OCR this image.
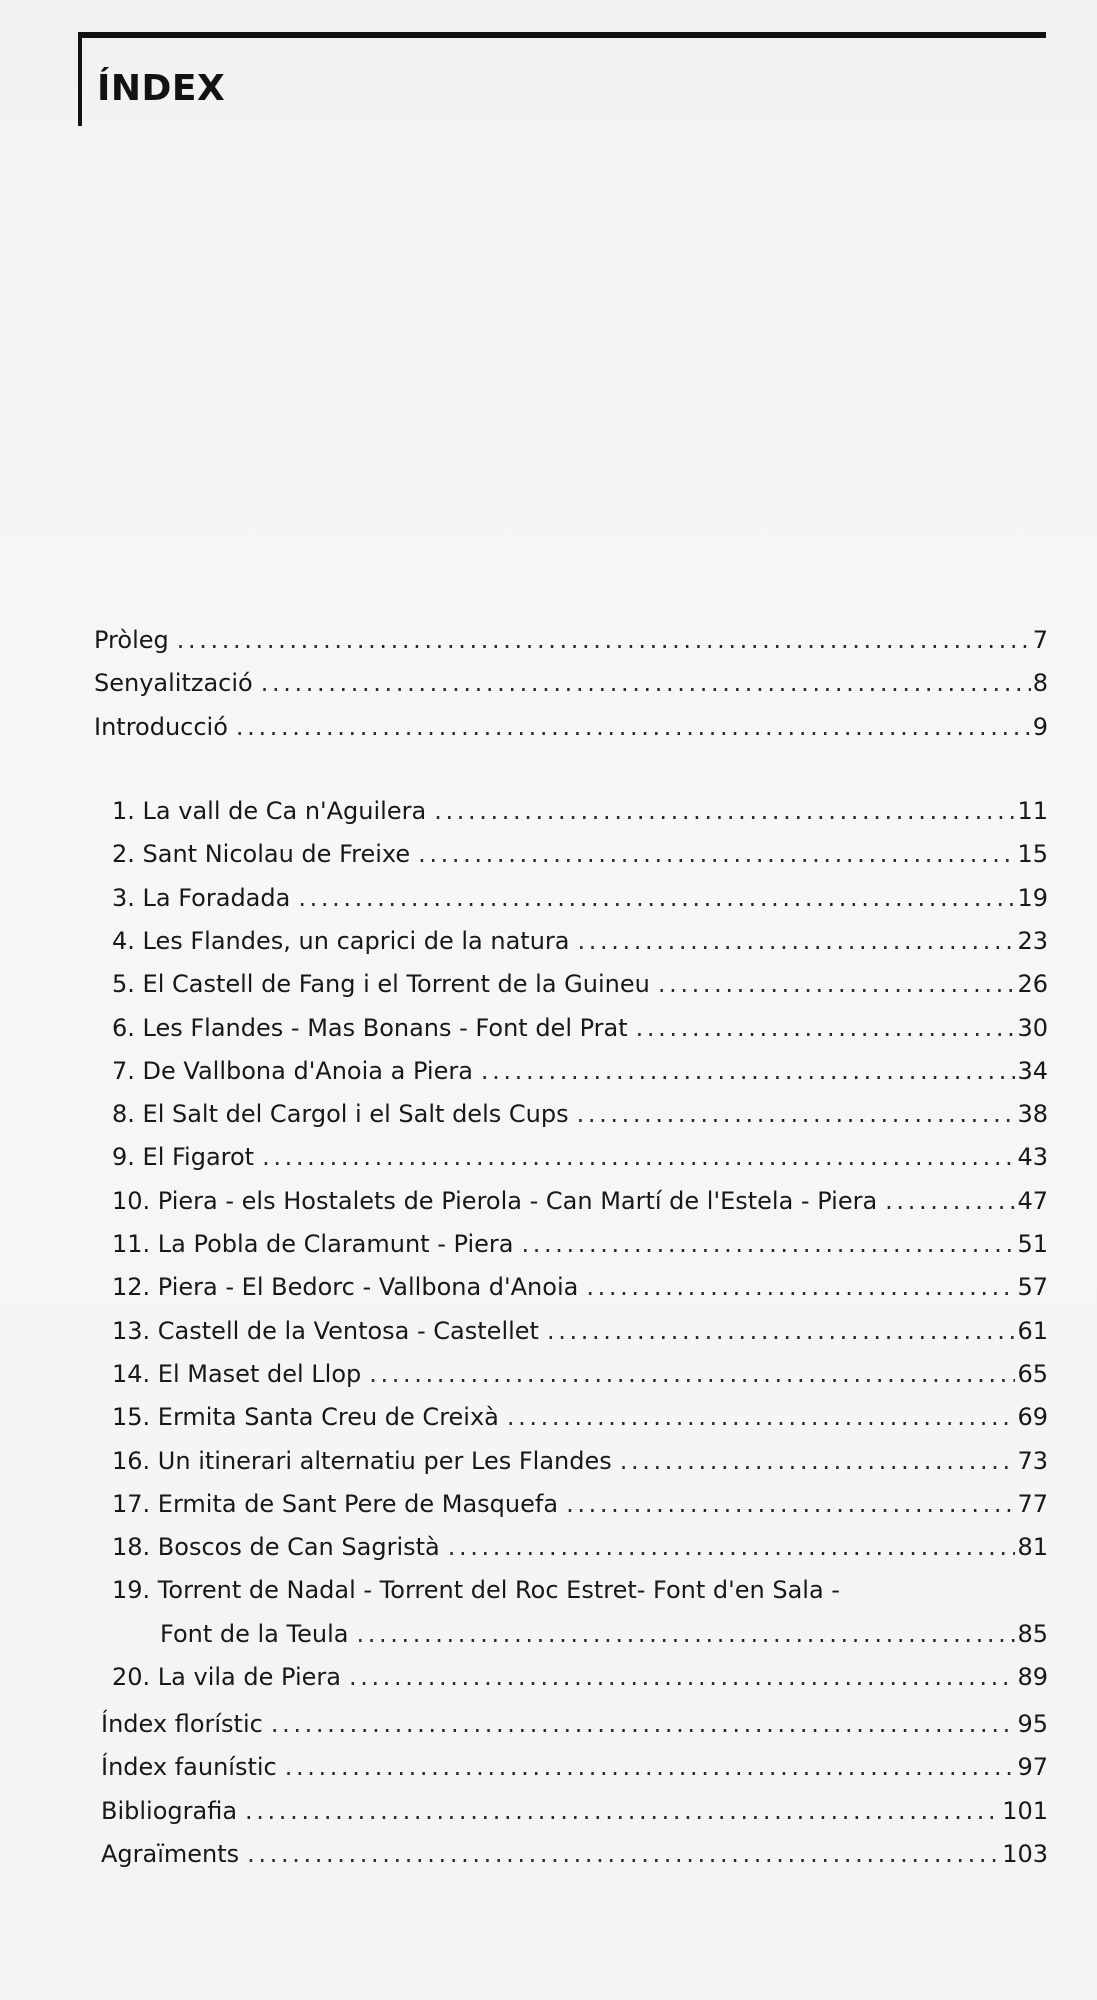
ÍNDEX
Pròleg . . .	7
Senyalització . . .	8
Introducció . . .	9
1. La vall de Ca n'Aguilera . . .	11
2. Sant Nicolau de Freixe . . .	15
3. La Foradada . . .	19
4. Les Flandes, un caprici de la natura . . .	23
5. El Castell de Fang i el Torrent de la Guineu . . .	26
6. Les Flandes - Mas Bonans - Font del Prat . . .	30
7. De Vallbona d'Anoia a Piera . . .	34
8. El Salt del Cargol i el Salt dels Cups . . .	38
9. El Figarot . . .	43
10. Piera - els Hostalets de Pierola - Can Martí de l'Estela - Piera . . .	47
11. La Pobla de Claramunt - Piera . . .	51
12. Piera - El Bedorc - Vallbona d'Anoia . . .	57
13. Castell de la Ventosa - Castellet . . .	61
14. El Maset del Llop . . .	65
15. Ermita Santa Creu de Creixà . . .	69
16. Un itinerari alternatiu per Les Flandes . . .	73
17. Ermita de Sant Pere de Masquefa . . .	77
18. Boscos de Can Sagristà . . .	81
19. Torrent de Nadal - Torrent del Roc Estret- Font d'en Sala -
Font de la Teula . . .	85
20. La vila de Piera . . .	89
Índex florístic . . .	95
Índex faunístic . . .	97
Bibliografia . . .	101
Agraïments . . .	103
